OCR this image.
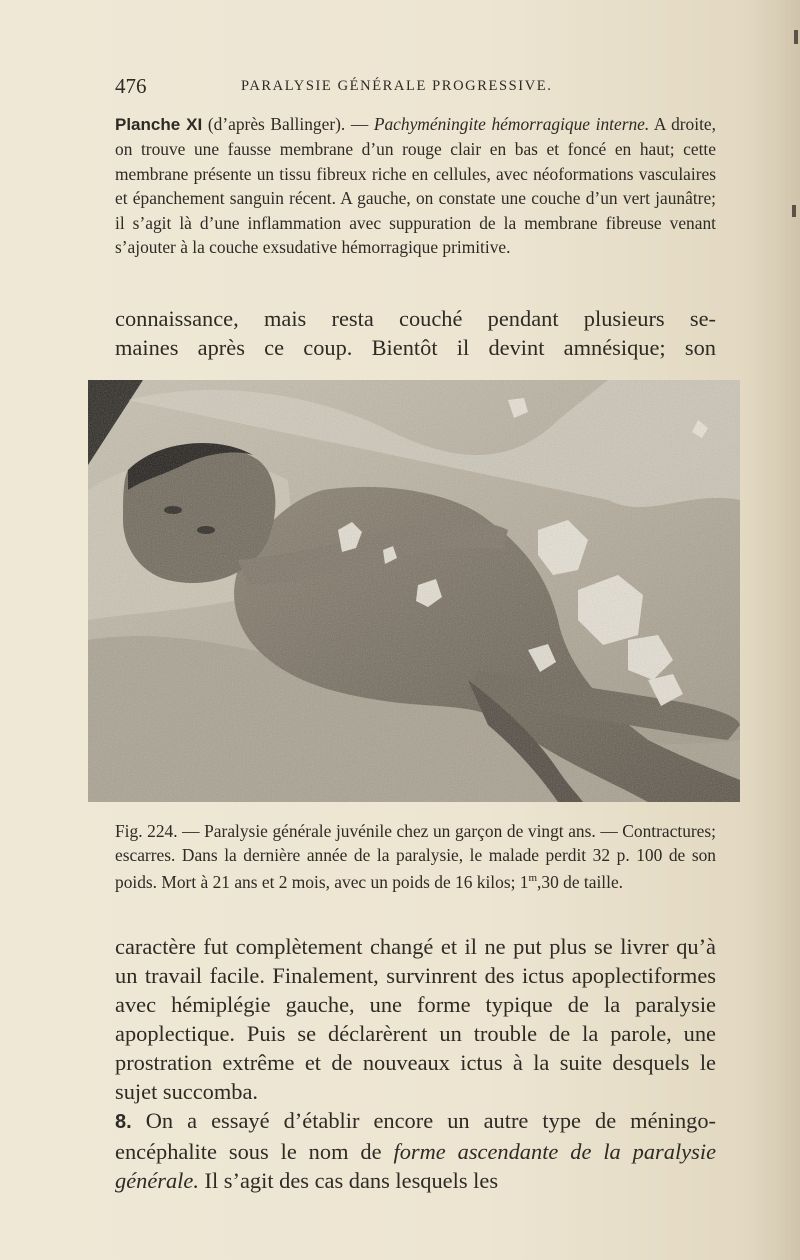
476	PARALYSIE GÉNÉRALE PROGRESSIVE.
Planche XI (d’après Ballinger). — Pachyméningite hémorragique interne. A droite, on trouve une fausse membrane d’un rouge clair en bas et foncé en haut; cette membrane présente un tissu fibreux riche en cellules, avec néoformations vasculaires et épanchement sanguin récent. A gauche, on constate une couche d’un vert jaunâtre; il s’agit là d’une inflammation avec suppuration de la membrane fibreuse venant s’ajouter à la couche exsudative hémorragique primitive.
connaissance, mais resta couché pendant plusieurs se-
maines après ce coup. Bientôt il devint amnésique; son
Fig. 224. — Paralysie générale juvénile chez un garçon de vingt ans. — Contractures; escarres. Dans la dernière année de la paralysie, le malade perdit 32 p. 100 de son poids. Mort à 21 ans et 2 mois, avec un poids de 16 kilos; 1$^m$,30 de taille.
caractère fut complètement changé et il ne put plus se livrer qu’à un travail facile. Finalement, survinrent des ictus apoplectiformes avec hémiplégie gauche, une forme typique de la paralysie apoplectique. Puis se déclarèrent un trouble de la parole, une prostration extrême et de nouveaux ictus à la suite desquels le sujet succomba.
8. On a essayé d’établir encore un autre type de méningo-encéphalite sous le nom de forme ascendante de la paralysie générale. Il s’agit des cas dans lesquels les
